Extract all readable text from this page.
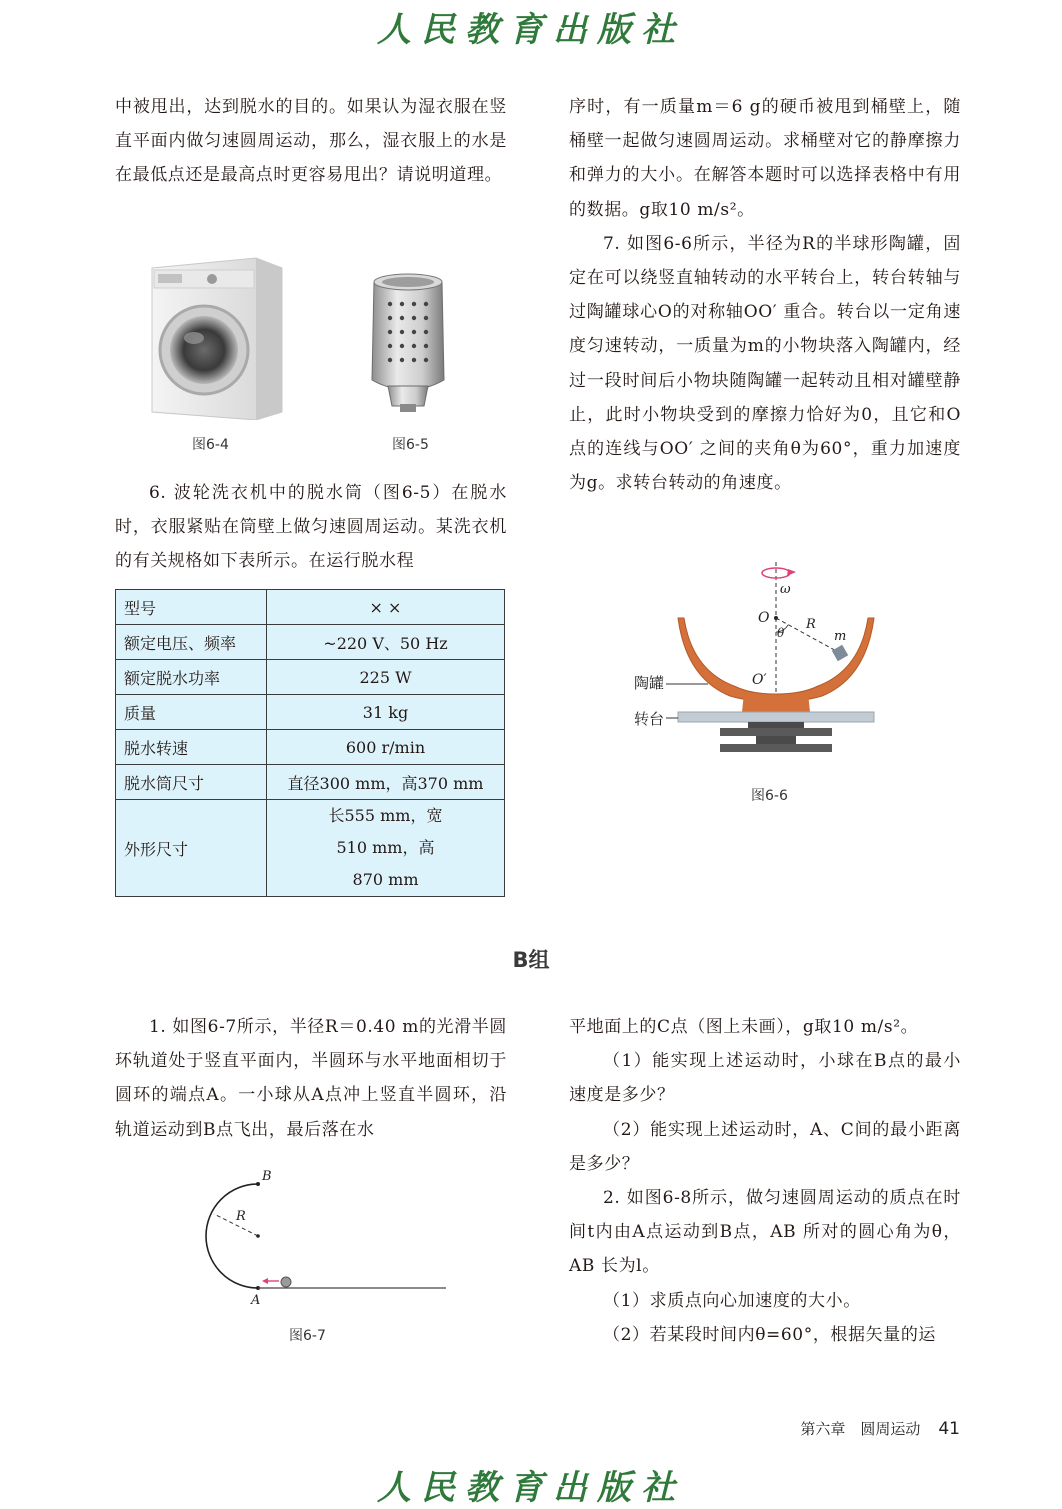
人民教育出版社

中被甩出，达到脱水的目的。如果认为湿衣服在竖直平面内做匀速圆周运动，那么，湿衣服上的水是在最低点还是最高点时更容易甩出？请说明道理。

图6-4	图6-5

6. 波轮洗衣机中的脱水筒（图6-5）在脱水时，衣服紧贴在筒壁上做匀速圆周运动。某洗衣机的有关规格如下表所示。在运行脱水程

型号	× ×
额定电压、频率	~220 V、50 Hz
额定脱水功率	225 W
质量	31 kg
脱水转速	600 r/min
脱水筒尺寸	直径300 mm，高370 mm
外形尺寸	长555 mm，宽510 mm，高870 mm

序时，有一质量m＝6 g的硬币被甩到桶壁上，随桶壁一起做匀速圆周运动。求桶壁对它的静摩擦力和弹力的大小。在解答本题时可以选择表格中有用的数据。g取10 m/s²。

7. 如图6-6所示，半径为R的半球形陶罐，固定在可以绕竖直轴转动的水平转台上，转台转轴与过陶罐球心O的对称轴OO′ 重合。转台以一定角速度匀速转动，一质量为m的小物块落入陶罐内，经过一段时间后小物块随陶罐一起转动且相对罐壁静止，此时小物块受到的摩擦力恰好为0，且它和O点的连线与OO′ 之间的夹角θ为60°，重力加速度为g。求转台转动的角速度。

ω
O
θ
R
m
O′
陶罐
转台
图6-6
B组

1. 如图6-7所示，半径R＝0.40 m的光滑半圆环轨道处于竖直平面内，半圆环与水平地面相切于圆环的端点A。一小球从A点冲上竖直半圆环，沿轨道运动到B点飞出，最后落在水

R
B
A
图6-7

平地面上的C点（图上未画），g取10 m/s²。

（1）能实现上述运动时，小球在B点的最小速度是多少？

（2）能实现上述运动时，A、C间的最小距离是多少？

2. 如图6-8所示，做匀速圆周运动的质点在时间t内由A点运动到B点，AB 所对的圆心角为θ，AB 长为l。

（1）求质点向心加速度的大小。

（2）若某段时间内θ=60°，根据矢量的运

第六章　圆周运动 41
人民教育出版社
